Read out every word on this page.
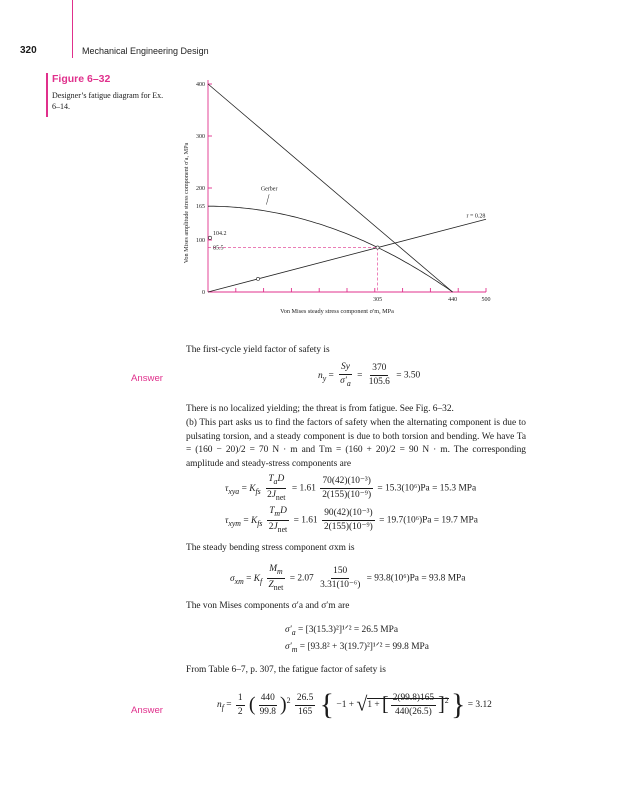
320	Mechanical Engineering Design
Figure 6–32
Designer’s fatigue diagram for Ex. 6–14.
0
100
200
300
400
305	440	500
165
104.2
85.5
Gerber
r = 0.28
Von Mises steady stress component σ′m, MPa
Von Mises amplitude stress component σ′a, MPa
The first-cycle yield factor of safety is
Answer	$n_y = \frac{Sy}{\sigma'_a} = \frac{370}{105.6} = 3.50$
There is no localized yielding; the threat is from fatigue. See Fig. 6–32.
(b) This part asks us to find the factors of safety when the alternating component is due to pulsating torsion, and a steady component is due to both torsion and bending. We have Ta = (160 − 20)/2 = 70 N · m and Tm = (160 + 20)/2 = 90 N · m. The corresponding amplitude and steady-stress components are
$\tau_{xya} = K_{fs} \frac{T_aD}{2J_{net}} = 1.61 \frac{\text{70(42)(10⁻³)}}{\text{2(155)(10⁻⁹)}} = 15.3(10^6)Pa = 15.3$ MPa
$\tau_{xym} = K_{fs} \frac{T_mD}{2J_{net}} = 1.61 \frac{\text{90(42)(10⁻³)}}{\text{2(155)(10⁻⁹)}} = 19.7(10^6)Pa = 19.7$ MPa
The steady bending stress component σxm is
$\sigma_{xm} = K_f \frac{M_m}{Z_{net}} = 2.07 \frac{150}{\text{3.31(10⁻⁶)}} = 93.8(10^6)Pa = 93.8$ MPa
The von Mises components σ′a and σ′m are
$\sigma'_a$ = [3(15.3)²]¹ᐟ² = 26.5 MPa
$\sigma'_m = [93.8^2$ + 3(19.7)²]¹ᐟ² = 99.8 MPa
From Table 6–7, p. 307, the fatigue factor of safety is
Answer	$n_f = \frac{1}{2}$ ( $\frac{440}{99.8} )^2 \frac{26.5}{165}$ { −1 + √1 + [ $\frac{2(99.8)165}{440(26.5)} ]^2$ } = 3.12
